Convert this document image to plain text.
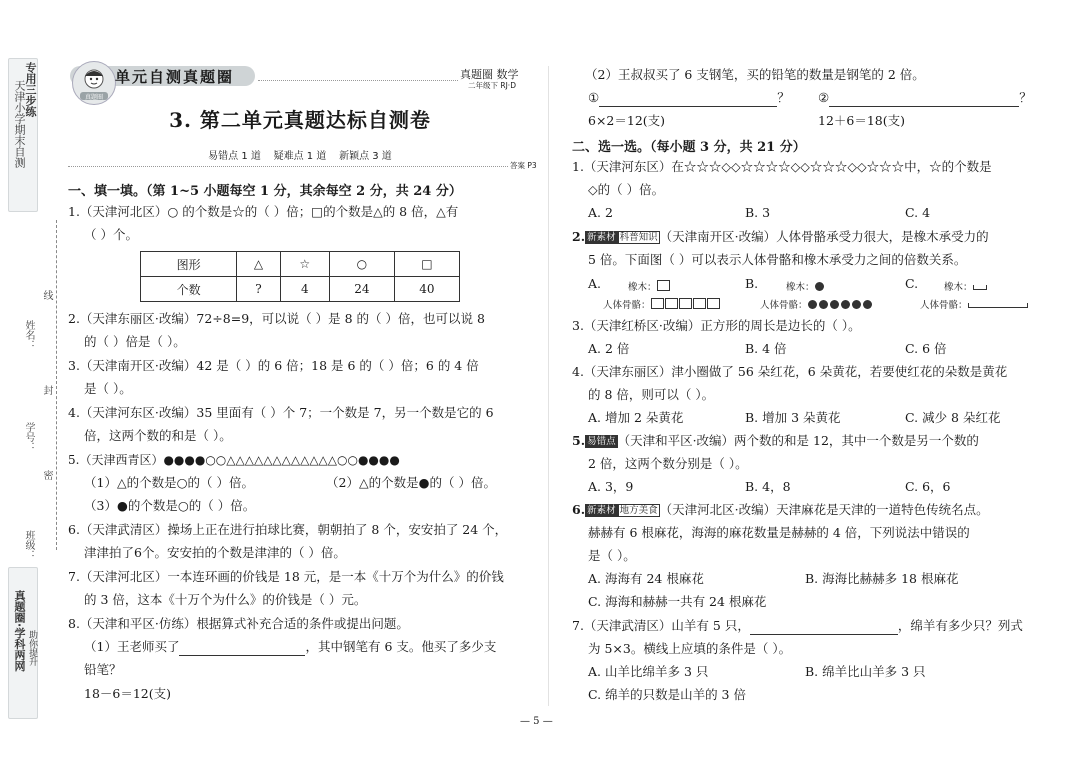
天津小学期末自测
专用三步练
真题圈·学科两网 助你提升
姓名：
学号：
班级：
线
封
密
真题圈
单元自测真题圈	真题圈 数学
二年级下 RJ·D
3. 第二单元真题达标自测卷
易错点 1 道 疑难点 1 道 新颖点 3 道
答案 P3
一、填一填。（第 1~5 小题每空 1 分，其余每空 2 分，共 24 分）
1.（天津河北区）○ 的个数是☆的（ ）倍；□的个数是△的 8 倍，△有
（ ）个。
图形	△	☆	○	□
个数	?	4	24	40
2.（天津东丽区·改编）72÷8=9，可以说（ ）是 8 的（ ）倍，也可以说 8
的（ ）倍是（ ）。
3.（天津南开区·改编）42 是（ ）的 6 倍；18 是 6 的（ ）倍；6 的 4 倍
是（ ）。
4.（天津河东区·改编）35 里面有（ ）个 7；一个数是 7，另一个数是它的 6
倍，这两个数的和是（ ）。
5.（天津西青区）●●●●○○△△△△△△△△△△△△○○●●●●
（1）△的个数是○的（ ）倍。	（2）△的个数是●的（ ）倍。
（3）●的个数是○的（ ）倍。
6.（天津武清区）操场上正在进行拍球比赛，朝朝拍了 8 个，安安拍了 24 个，
津津拍了6个。安安拍的个数是津津的（ ）倍。
7.（天津河北区）一本连环画的价钱是 18 元，是一本《十万个为什么》的价钱
的 3 倍，这本《十万个为什么》的价钱是（ ）元。
8.（天津和平区·仿练）根据算式补充合适的条件或提出问题。
（1）王老师买了	，其中钢笔有 6 支。他买了多少支
铅笔？
18－6＝12(支)
（2）王叔叔买了 6 支钢笔，买的铅笔的数量是钢笔的 2 倍。
①	？ ②	？
6×2＝12(支)	12＋6＝18(支)
二、选一选。（每小题 3 分，共 21 分）
1.（天津河东区）在☆☆☆◇◇☆☆☆☆◇◇☆☆☆◇◇☆☆☆中，☆的个数是
◇的（ ）倍。
A. 2	B. 3	C. 4
2. 新素材 科普知识 （天津南开区·改编）人体骨骼承受力很大，是橡木承受力的
5 倍。下面图（ ）可以表示人体骨骼和橡木承受力之间的倍数关系。
A.	橡木：
人体骨骼：
B.	橡木：
人体骨骼：
C.	橡木：
人体骨骼：
3.（天津红桥区·改编）正方形的周长是边长的（ ）。
A. 2 倍	B. 4 倍	C. 6 倍
4.（天津东丽区）津小圈做了 56 朵红花，6 朵黄花，若要使红花的朵数是黄花
的 8 倍，则可以（ ）。
A. 增加 2 朵黄花	B. 增加 3 朵黄花	C. 减少 8 朵红花
5. 易错点 （天津和平区·改编）两个数的和是 12，其中一个数是另一个数的
2 倍，这两个数分别是（ ）。
A. 3，9	B. 4，8	C. 6，6
6. 新素材 地方美食 （天津河北区·改编）天津麻花是天津的一道特色传统名点。
赫赫有 6 根麻花，海海的麻花数量是赫赫的 4 倍，下列说法中错误的
是（ ）。
A. 海海有 24 根麻花	B. 海海比赫赫多 18 根麻花
C. 海海和赫赫一共有 24 根麻花
7.（天津武清区）山羊有 5 只，	，绵羊有多少只？列式
为 5×3。横线上应填的条件是（ ）。
A. 山羊比绵羊多 3 只	B. 绵羊比山羊多 3 只
C. 绵羊的只数是山羊的 3 倍
— 5 —
